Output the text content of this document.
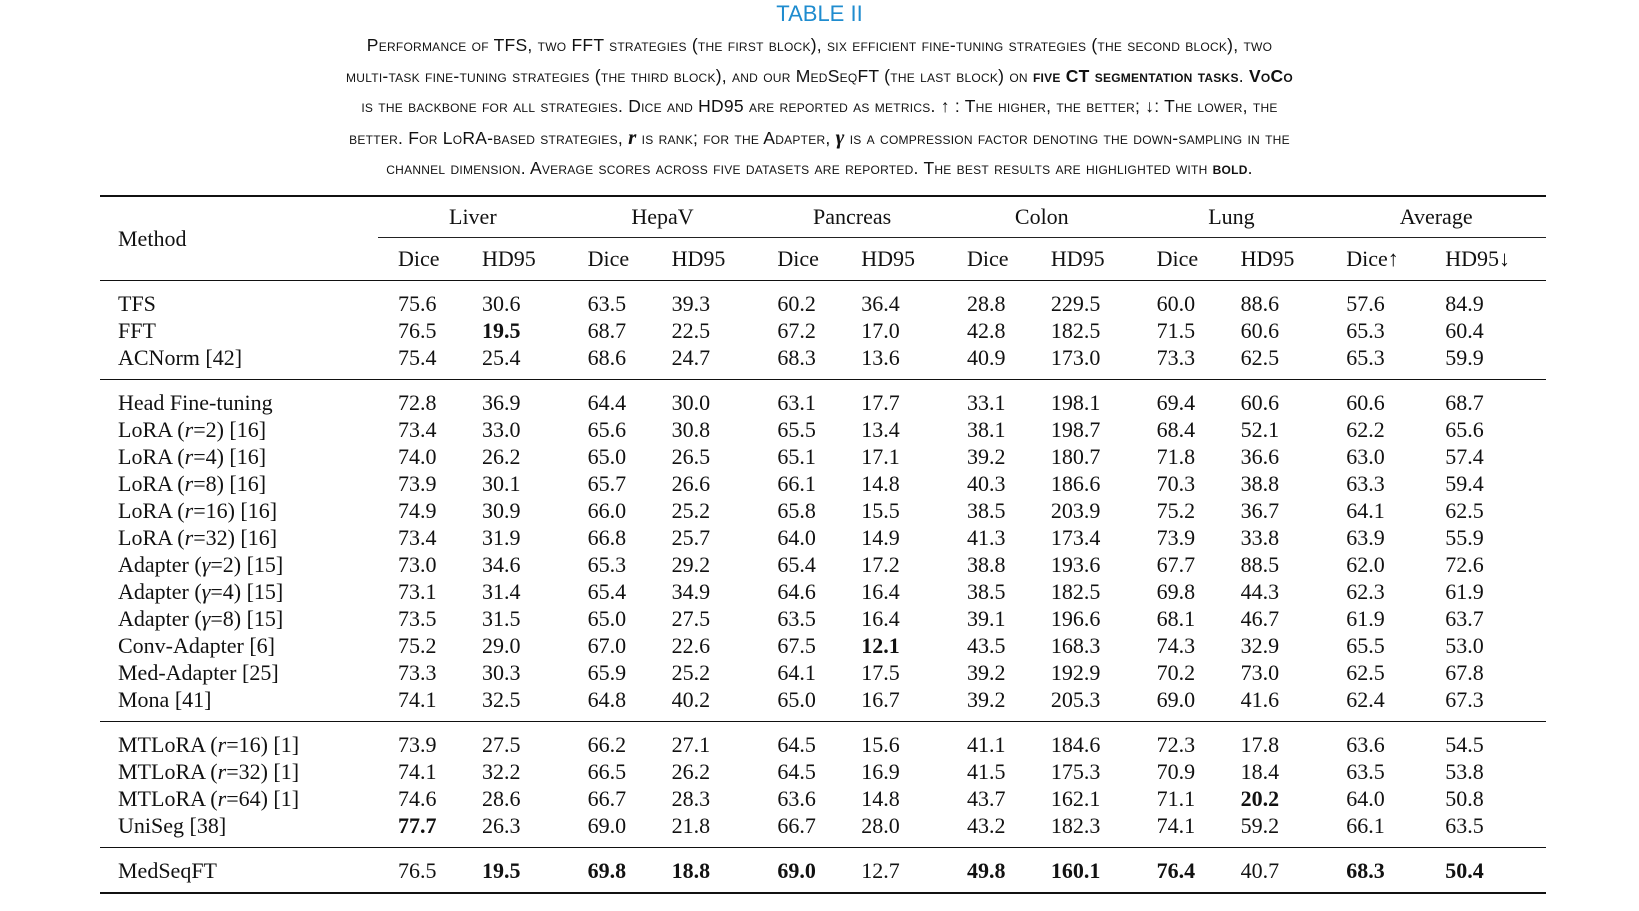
TABLE II
Performance of TFS, two FFT strategies (the first block), six efficient fine-tuning strategies (the second block), two
multi-task fine-tuning strategies (the third block), and our MedSeqFT (the last block) on five CT segmentation tasks. VoCo
is the backbone for all strategies. Dice and HD95 are reported as metrics. ↑ : The higher, the better; ↓: The lower, the
better. For LoRA-based strategies, r is rank; for the Adapter, γ is a compression factor denoting the down-sampling in the
channel dimension. Average scores across five datasets are reported. The best results are highlighted with bold.
Method	Liver		HepaV		Pancreas		Colon		Lung		Average	
	Dice	HD95	Dice	HD95	Dice	HD95	Dice	HD95	Dice	HD95	Dice↑	HD95↓
TFS	75.6	30.6	63.5	39.3	60.2	36.4	28.8	229.5	60.0	88.6	57.6	84.9
FFT	76.5	19.5	68.7	22.5	67.2	17.0	42.8	182.5	71.5	60.6	65.3	60.4
ACNorm [42]	75.4	25.4	68.6	24.7	68.3	13.6	40.9	173.0	73.3	62.5	65.3	59.9
Head Fine-tuning	72.8	36.9	64.4	30.0	63.1	17.7	33.1	198.1	69.4	60.6	60.6	68.7
LoRA (r=2) [16]	73.4	33.0	65.6	30.8	65.5	13.4	38.1	198.7	68.4	52.1	62.2	65.6
LoRA (r=4) [16]	74.0	26.2	65.0	26.5	65.1	17.1	39.2	180.7	71.8	36.6	63.0	57.4
LoRA (r=8) [16]	73.9	30.1	65.7	26.6	66.1	14.8	40.3	186.6	70.3	38.8	63.3	59.4
LoRA (r=16) [16]	74.9	30.9	66.0	25.2	65.8	15.5	38.5	203.9	75.2	36.7	64.1	62.5
LoRA (r=32) [16]	73.4	31.9	66.8	25.7	64.0	14.9	41.3	173.4	73.9	33.8	63.9	55.9
Adapter (γ=2) [15]	73.0	34.6	65.3	29.2	65.4	17.2	38.8	193.6	67.7	88.5	62.0	72.6
Adapter (γ=4) [15]	73.1	31.4	65.4	34.9	64.6	16.4	38.5	182.5	69.8	44.3	62.3	61.9
Adapter (γ=8) [15]	73.5	31.5	65.0	27.5	63.5	16.4	39.1	196.6	68.1	46.7	61.9	63.7
Conv-Adapter [6]	75.2	29.0	67.0	22.6	67.5	12.1	43.5	168.3	74.3	32.9	65.5	53.0
Med-Adapter [25]	73.3	30.3	65.9	25.2	64.1	17.5	39.2	192.9	70.2	73.0	62.5	67.8
Mona [41]	74.1	32.5	64.8	40.2	65.0	16.7	39.2	205.3	69.0	41.6	62.4	67.3
MTLoRA (r=16) [1]	73.9	27.5	66.2	27.1	64.5	15.6	41.1	184.6	72.3	17.8	63.6	54.5
MTLoRA (r=32) [1]	74.1	32.2	66.5	26.2	64.5	16.9	41.5	175.3	70.9	18.4	63.5	53.8
MTLoRA (r=64) [1]	74.6	28.6	66.7	28.3	63.6	14.8	43.7	162.1	71.1	20.2	64.0	50.8
UniSeg [38]	77.7	26.3	69.0	21.8	66.7	28.0	43.2	182.3	74.1	59.2	66.1	63.5
MedSeqFT	76.5	19.5	69.8	18.8	69.0	12.7	49.8	160.1	76.4	40.7	68.3	50.4
